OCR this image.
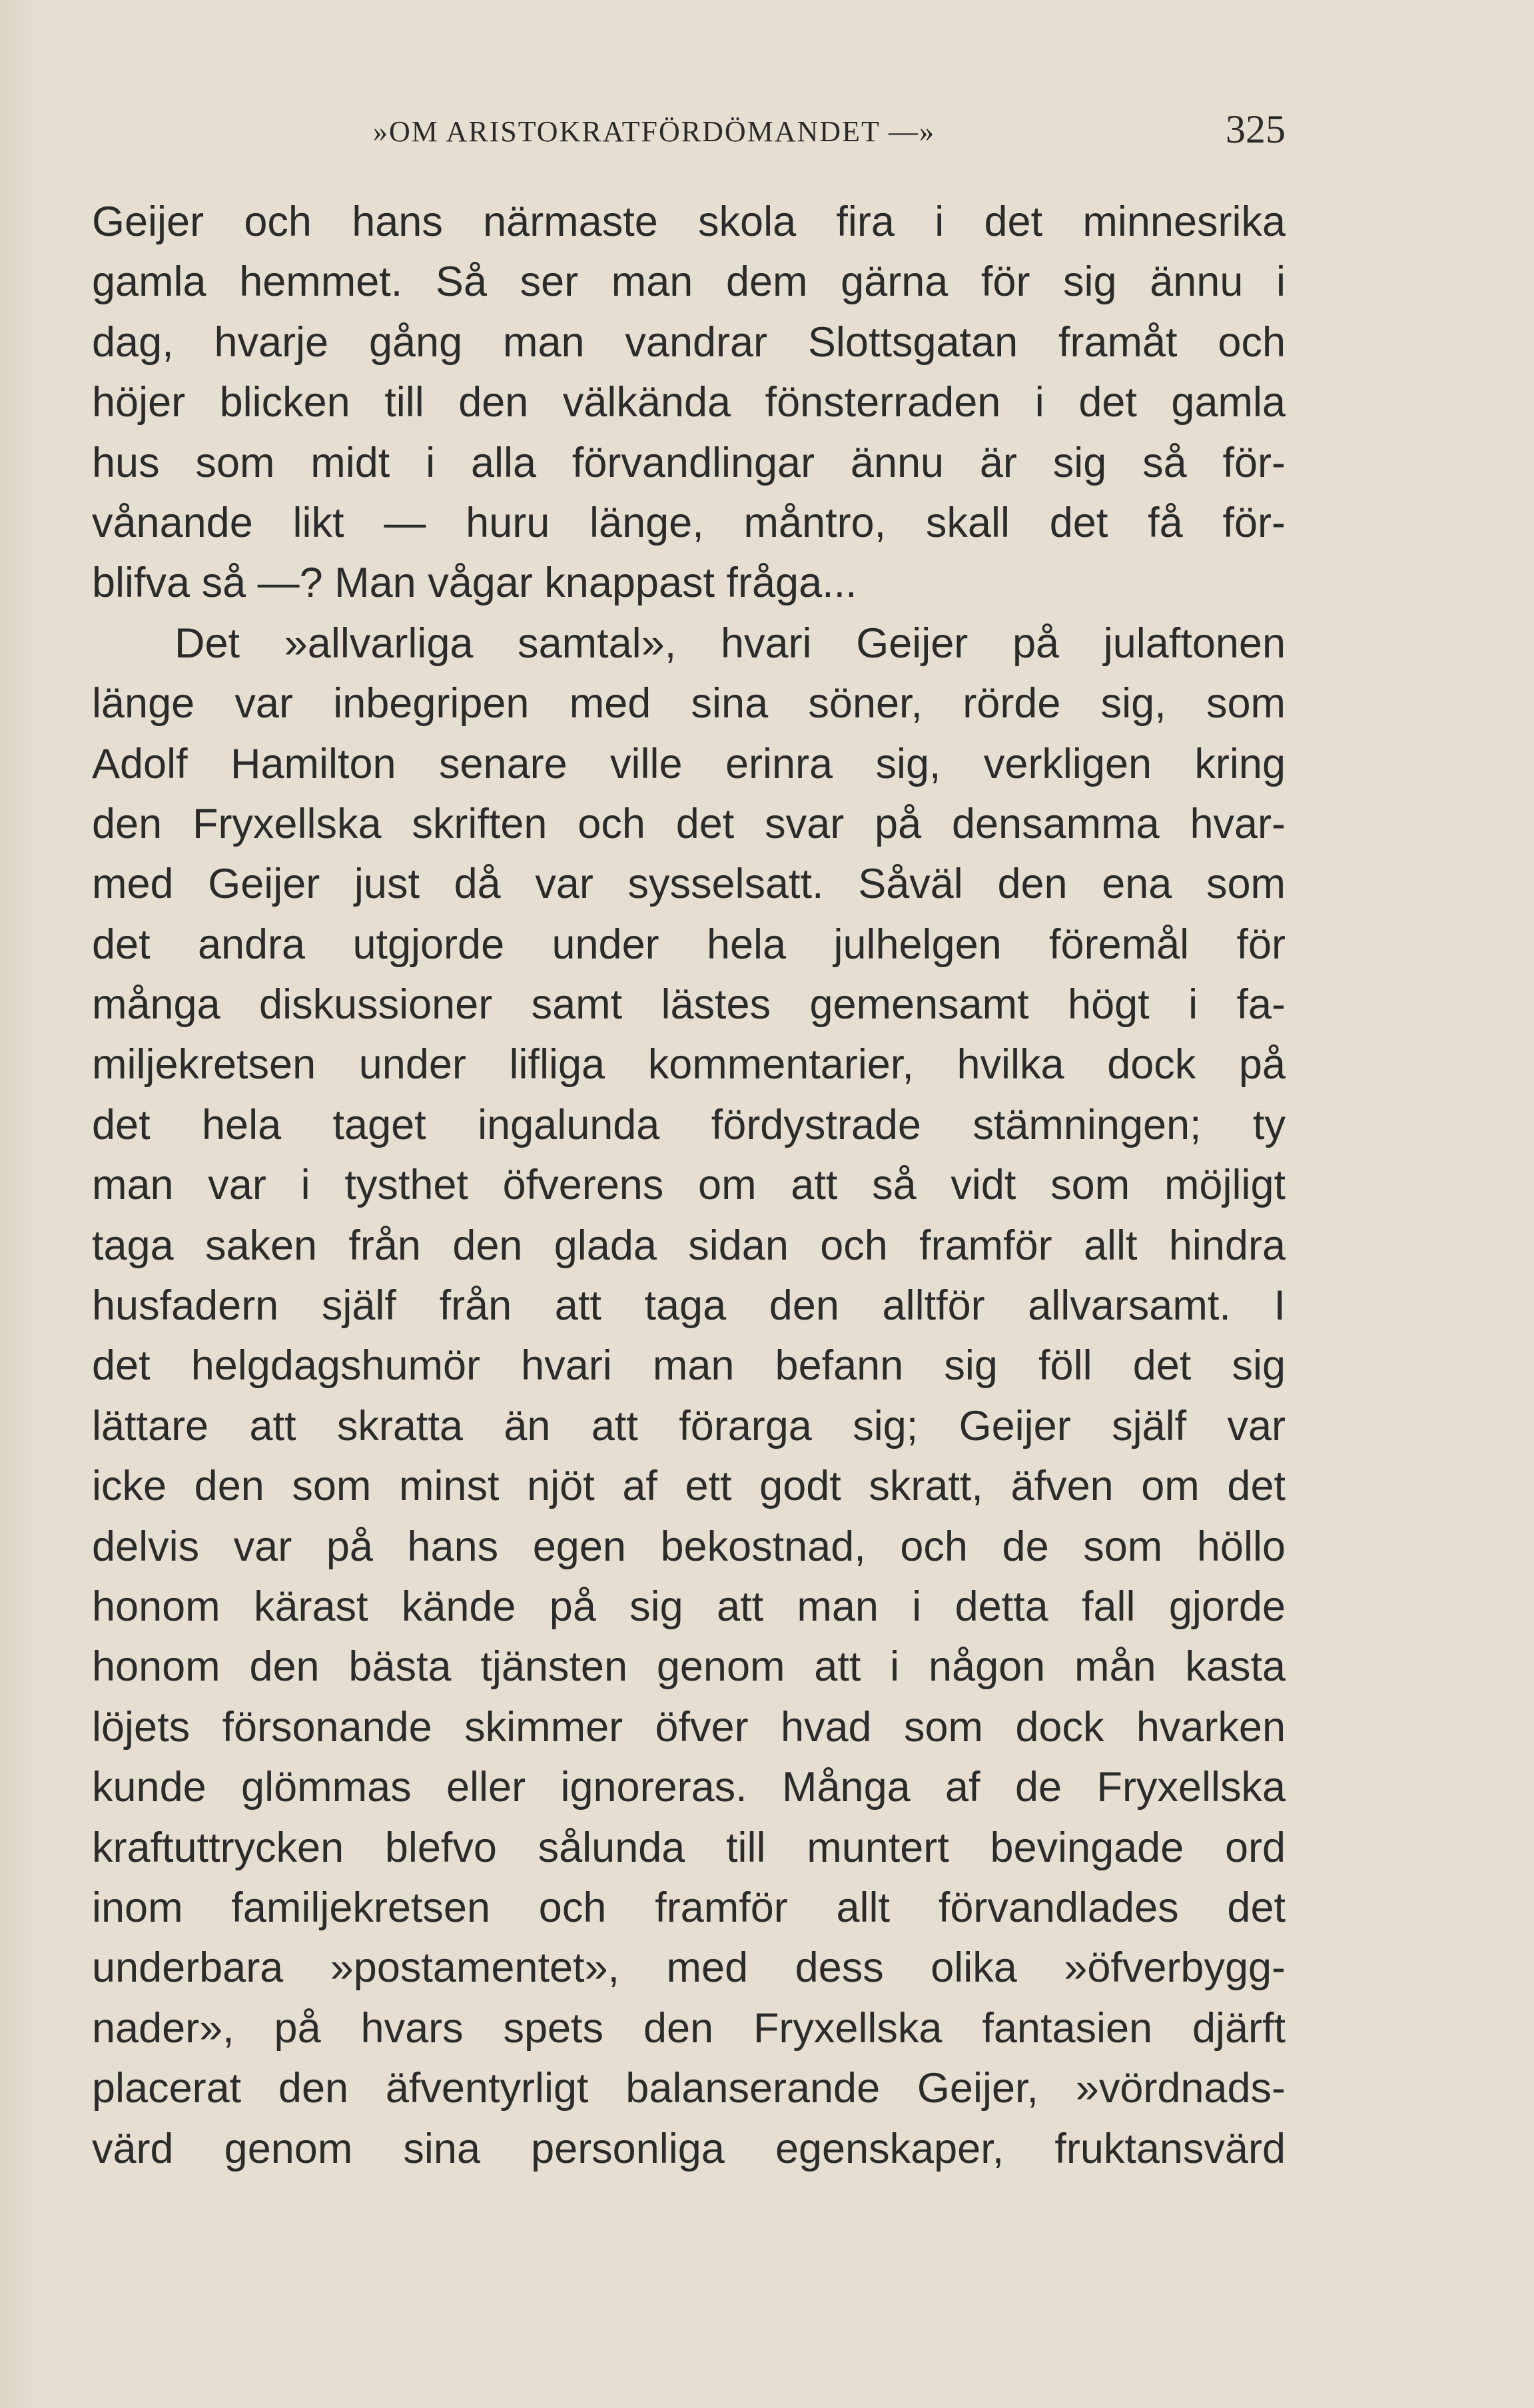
»OM ARISTOKRATFÖRDÖMANDET —»	325
Geijer och hans närmaste skola fira i det minnesrika
gamla hemmet. Så ser man dem gärna för sig ännu i
dag, hvarje gång man vandrar Slottsgatan framåt och
höjer blicken till den välkända fönsterraden i det gamla
hus som midt i alla förvandlingar ännu är sig så för-
vånande likt — huru länge, måntro, skall det få för-
blifva så —? Man vågar knappast fråga...
Det »allvarliga samtal», hvari Geijer på julaftonen
länge var inbegripen med sina söner, rörde sig, som
Adolf Hamilton senare ville erinra sig, verkligen kring
den Fryxellska skriften och det svar på densamma hvar-
med Geijer just då var sysselsatt. Såväl den ena som
det andra utgjorde under hela julhelgen föremål för
många diskussioner samt lästes gemensamt högt i fa-
miljekretsen under lifliga kommentarier, hvilka dock på
det hela taget ingalunda fördystrade stämningen; ty
man var i tysthet öfverens om att så vidt som möjligt
taga saken från den glada sidan och framför allt hindra
husfadern själf från att taga den alltför allvarsamt. I
det helgdagshumör hvari man befann sig föll det sig
lättare att skratta än att förarga sig; Geijer själf var
icke den som minst njöt af ett godt skratt, äfven om det
delvis var på hans egen bekostnad, och de som höllo
honom kärast kände på sig att man i detta fall gjorde
honom den bästa tjänsten genom att i någon mån kasta
löjets försonande skimmer öfver hvad som dock hvarken
kunde glömmas eller ignoreras. Många af de Fryxellska
kraftuttrycken blefvo sålunda till muntert bevingade ord
inom familjekretsen och framför allt förvandlades det
underbara »postamentet», med dess olika »öfverbygg-
nader», på hvars spets den Fryxellska fantasien djärft
placerat den äfventyrligt balanserande Geijer, »vördnads-
värd genom sina personliga egenskaper, fruktansvärd
